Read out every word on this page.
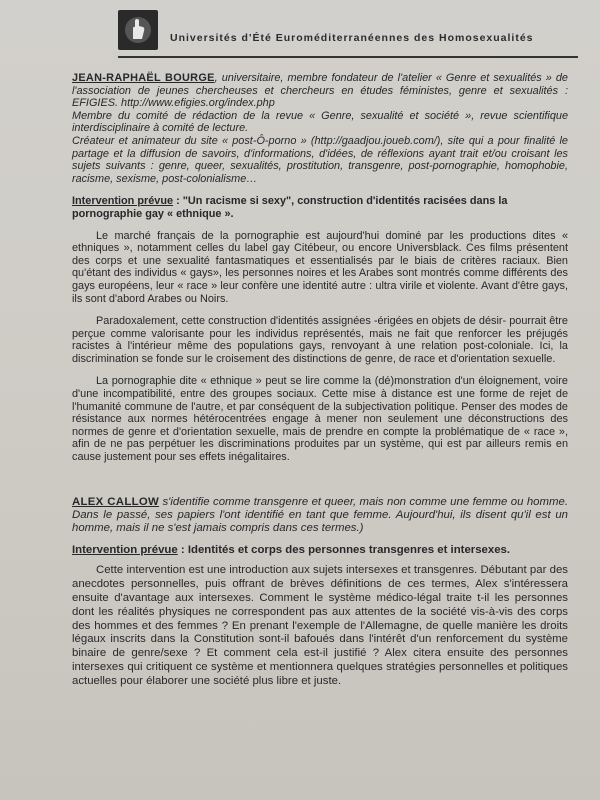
Universités d'Été Euroméditerranéennes des Homosexualités
JEAN-RAPHAËL BOURGE, universitaire, membre fondateur de l'atelier « Genre et sexualités » de l'association de jeunes chercheuses et chercheurs en études féministes, genre et sexualités : EFIGIES. http://www.efigies.org/index.php
Membre du comité de rédaction de la revue « Genre, sexualité et société », revue scientifique interdisciplinaire à comité de lecture.
Créateur et animateur du site « post-Ô-porno » (http://gaadjou.joueb.com/), site qui a pour finalité le partage et la diffusion de savoirs, d'informations, d'idées, de réflexions ayant trait et/ou croisant les sujets suivants : genre, queer, sexualités, prostitution, transgenre, post-pornographie, homophobie, racisme, sexisme, post-colonialisme…
Intervention prévue : "Un racisme si sexy", construction d'identités racisées dans la pornographie gay « ethnique ».

Le marché français de la pornographie est aujourd'hui dominé par les productions dites « ethniques », notamment celles du label gay Citébeur, ou encore Universblack. Ces films présentent des corps et une sexualité fantasmatiques et essentialisés par le biais de critères raciaux. Bien qu'étant des individus « gays», les personnes noires et les Arabes sont montrés comme différents des gays européens, leur « race » leur confère une identité autre : ultra virile et violente. Avant d'être gays, ils sont d'abord Arabes ou Noirs.

Paradoxalement, cette construction d'identités assignées -érigées en objets de désir- pourrait être perçue comme valorisante pour les individus représentés, mais ne fait que renforcer les préjugés racistes à l'intérieur même des populations gays, renvoyant à une relation post-coloniale. Ici, la discrimination se fonde sur le croisement des distinctions de genre, de race et d'orientation sexuelle.

La pornographie dite « ethnique » peut se lire comme la (dé)monstration d'un éloignement, voire d'une incompatibilité, entre des groupes sociaux. Cette mise à distance est une forme de rejet de l'humanité commune de l'autre, et par conséquent de la subjectivation politique. Penser des modes de résistance aux normes hétérocentrées engage à mener non seulement une déconstructions des normes de genre et d'orientation sexuelle, mais de prendre en compte la problématique de « race », afin de ne pas perpétuer les discriminations produites par un système, qui est par ailleurs remis en cause justement pour ses effets inégalitaires.

ALEX CALLOW s'identifie comme transgenre et queer, mais non comme une femme ou homme. Dans le passé, ses papiers l'ont identifié en tant que femme. Aujourd'hui, ils disent qu'il est un homme, mais il ne s'est jamais compris dans ces termes.)
Intervention prévue : Identités et corps des personnes transgenres et intersexes.

Cette intervention est une introduction aux sujets intersexes et transgenres. Débutant par des anecdotes personnelles, puis offrant de brèves définitions de ces termes, Alex s'intéressera ensuite d'avantage aux intersexes. Comment le système médico-légal traite t-il les personnes dont les réalités physiques ne correspondent pas aux attentes de la société vis-à-vis des corps des hommes et des femmes ? En prenant l'exemple de l'Allemagne, de quelle manière les droits légaux inscrits dans la Constitution sont-il bafoués dans l'intérêt d'un renforcement du système binaire de genre/sexe ? Et comment cela est-il justifié ? Alex citera ensuite des personnes intersexes qui critiquent ce système et mentionnera quelques stratégies personnelles et politiques actuelles pour élaborer une société plus libre et juste.
